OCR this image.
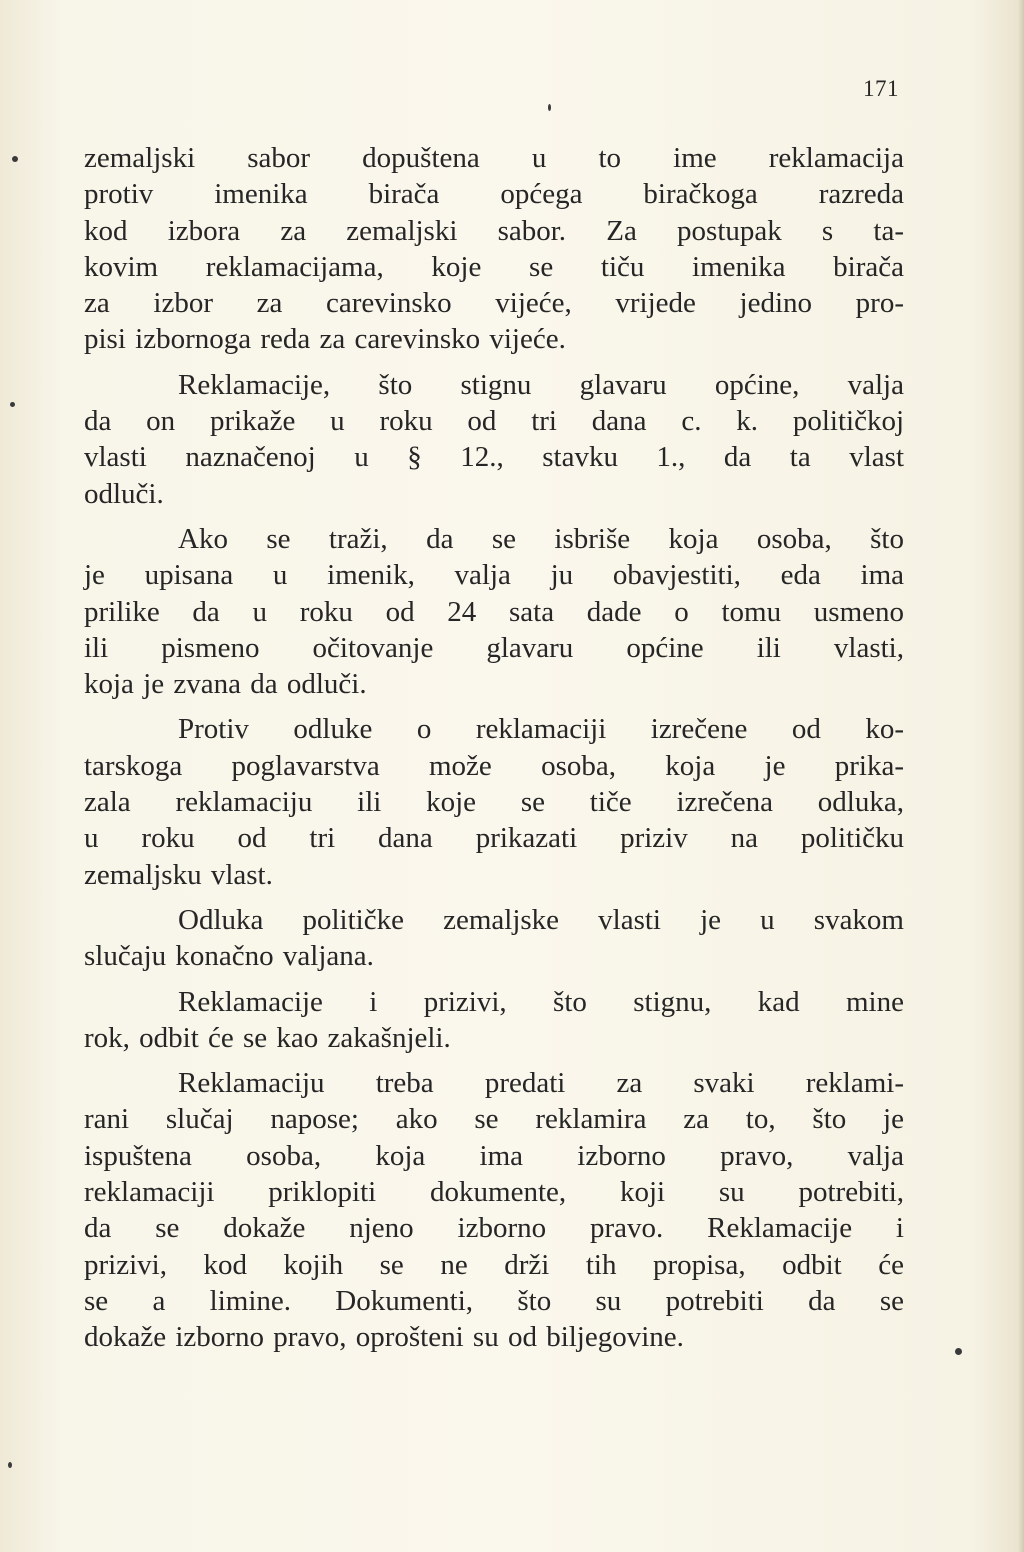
171
zemaljski sabor dopuštena u to ime reklamacija
protiv imenika birača općega biračkoga razreda
kod izbora za zemaljski sabor. Za postupak s ta-
kovim reklamacijama, koje se tiču imenika birača
za izbor za carevinsko vijeće, vrijede jedino pro-
pisi izbornoga reda za carevinsko vijeće.
Reklamacije, što stignu glavaru općine, valja
da on prikaže u roku od tri dana c. k. političkoj
vlasti naznačenoj u § 12., stavku 1., da ta vlast
odluči.
Ako se traži, da se isbriše koja osoba, što
je upisana u imenik, valja ju obavjestiti, eda ima
prilike da u roku od 24 sata dade o tomu usmeno
ili pismeno očitovanje glavaru općine ili vlasti,
koja je zvana da odluči.
Protiv odluke o reklamaciji izrečene od ko-
tarskoga poglavarstva može osoba, koja je prika-
zala reklamaciju ili koje se tiče izrečena odluka,
u roku od tri dana prikazati priziv na političku
zemaljsku vlast.
Odluka političke zemaljske vlasti je u svakom
slučaju konačno valjana.
Reklamacije i prizivi, što stignu, kad mine
rok, odbit će se kao zakašnjeli.
Reklamaciju treba predati za svaki reklami-
rani slučaj napose; ako se reklamira za to, što je
ispuštena osoba, koja ima izborno pravo, valja
reklamaciji priklopiti dokumente, koji su potrebiti,
da se dokaže njeno izborno pravo. Reklamacije i
prizivi, kod kojih se ne drži tih propisa, odbit će
se a limine. Dokumenti, što su potrebiti da se
dokaže izborno pravo, oprošteni su od biljegovine.
